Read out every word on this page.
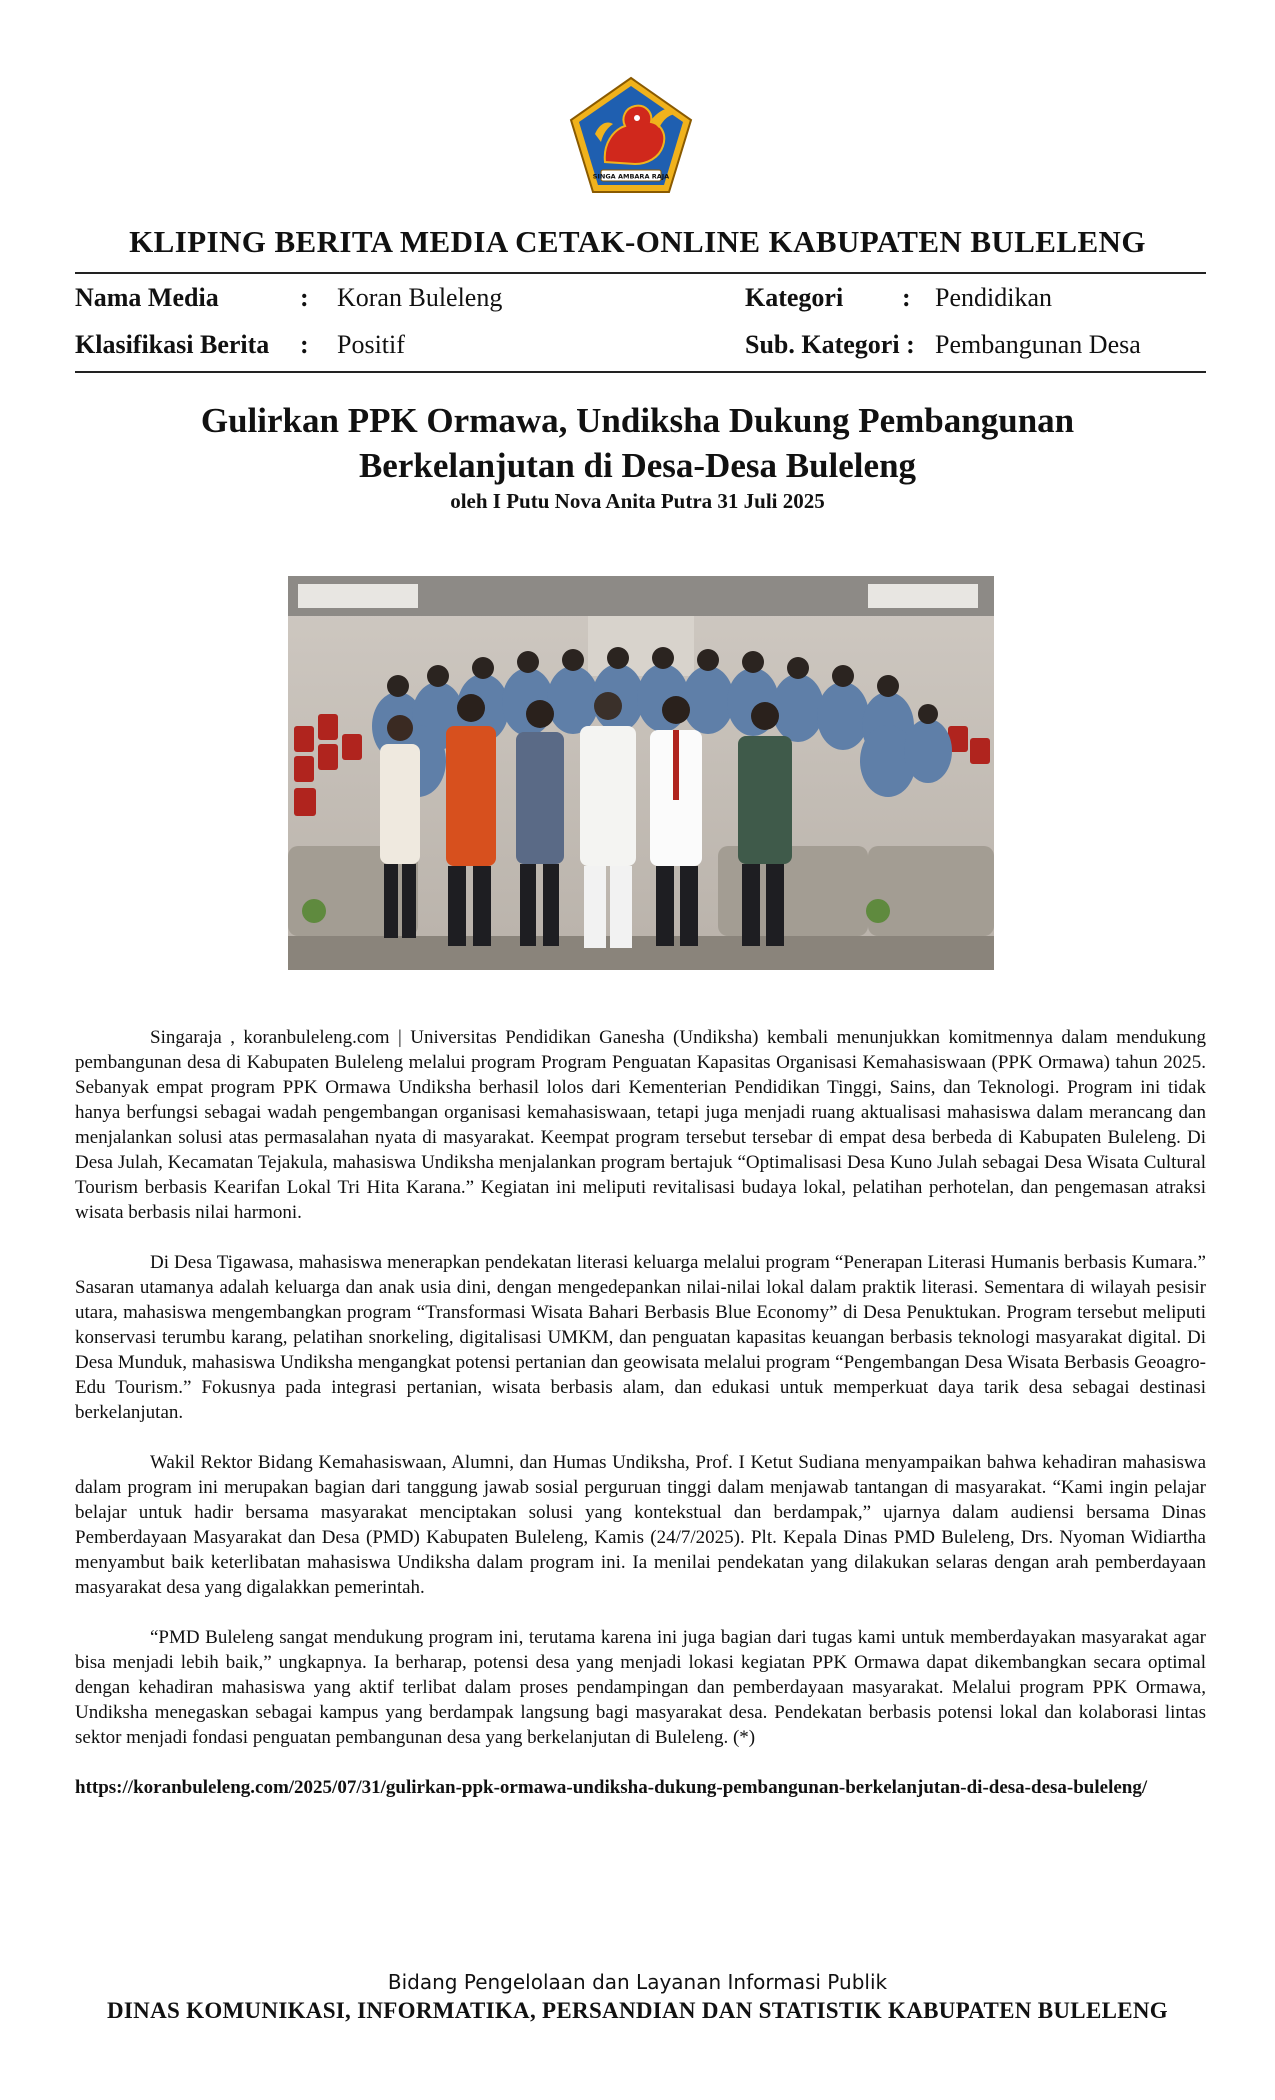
SINGA AMBARA RAJA
KLIPING BERITA MEDIA CETAK-ONLINE KABUPATEN BULELENG
Nama Media	: Koran Buleleng
Klasifikasi Berita : Positif
Kategori : Pendidikan
Sub. Kategori : Pembangunan Desa
Gulirkan PPK Ormawa, Undiksha Dukung Pembangunan
Berkelanjutan di Desa-Desa Buleleng
oleh I Putu Nova Anita Putra 31 Juli 2025

Singaraja , koranbuleleng.com | Universitas Pendidikan Ganesha (Undiksha) kembali menunjukkan komitmennya dalam mendukung pembangunan desa di Kabupaten Buleleng melalui program Program Penguatan Kapasitas Organisasi Kemahasiswaan (PPK Ormawa) tahun 2025. Sebanyak empat program PPK Ormawa Undiksha berhasil lolos dari Kementerian Pendidikan Tinggi, Sains, dan Teknologi. Program ini tidak hanya berfungsi sebagai wadah pengembangan organisasi kemahasiswaan, tetapi juga menjadi ruang aktualisasi mahasiswa dalam merancang dan menjalankan solusi atas permasalahan nyata di masyarakat. Keempat program tersebut tersebar di empat desa berbeda di Kabupaten Buleleng. Di Desa Julah, Kecamatan Tejakula, mahasiswa Undiksha menjalankan program bertajuk “Optimalisasi Desa Kuno Julah sebagai Desa Wisata Cultural Tourism berbasis Kearifan Lokal Tri Hita Karana.” Kegiatan ini meliputi revitalisasi budaya lokal, pelatihan perhotelan, dan pengemasan atraksi wisata berbasis nilai harmoni.

Di Desa Tigawasa, mahasiswa menerapkan pendekatan literasi keluarga melalui program “Penerapan Literasi Humanis berbasis Kumara.” Sasaran utamanya adalah keluarga dan anak usia dini, dengan mengedepankan nilai-nilai lokal dalam praktik literasi. Sementara di wilayah pesisir utara, mahasiswa mengembangkan program “Transformasi Wisata Bahari Berbasis Blue Economy” di Desa Penuktukan. Program tersebut meliputi konservasi terumbu karang, pelatihan snorkeling, digitalisasi UMKM, dan penguatan kapasitas keuangan berbasis teknologi masyarakat digital. Di Desa Munduk, mahasiswa Undiksha mengangkat potensi pertanian dan geowisata melalui program “Pengembangan Desa Wisata Berbasis Geoagro-Edu Tourism.” Fokusnya pada integrasi pertanian, wisata berbasis alam, dan edukasi untuk memperkuat daya tarik desa sebagai destinasi berkelanjutan.

Wakil Rektor Bidang Kemahasiswaan, Alumni, dan Humas Undiksha, Prof. I Ketut Sudiana menyampaikan bahwa kehadiran mahasiswa dalam program ini merupakan bagian dari tanggung jawab sosial perguruan tinggi dalam menjawab tantangan di masyarakat. “Kami ingin pelajar belajar untuk hadir bersama masyarakat menciptakan solusi yang kontekstual dan berdampak,” ujarnya dalam audiensi bersama Dinas Pemberdayaan Masyarakat dan Desa (PMD) Kabupaten Buleleng, Kamis (24/7/2025). Plt. Kepala Dinas PMD Buleleng, Drs. Nyoman Widiartha menyambut baik keterlibatan mahasiswa Undiksha dalam program ini. Ia menilai pendekatan yang dilakukan selaras dengan arah pemberdayaan masyarakat desa yang digalakkan pemerintah.

“PMD Buleleng sangat mendukung program ini, terutama karena ini juga bagian dari tugas kami untuk memberdayakan masyarakat agar bisa menjadi lebih baik,” ungkapnya. Ia berharap, potensi desa yang menjadi lokasi kegiatan PPK Ormawa dapat dikembangkan secara optimal dengan kehadiran mahasiswa yang aktif terlibat dalam proses pendampingan dan pemberdayaan masyarakat. Melalui program PPK Ormawa, Undiksha menegaskan sebagai kampus yang berdampak langsung bagi masyarakat desa. Pendekatan berbasis potensi lokal dan kolaborasi lintas sektor menjadi fondasi penguatan pembangunan desa yang berkelanjutan di Buleleng. (*)

https://koranbuleleng.com/2025/07/31/gulirkan-ppk-ormawa-undiksha-dukung-pembangunan-berkelanjutan-di-desa-desa-buleleng/

Bidang Pengelolaan dan Layanan Informasi Publik
DINAS KOMUNIKASI, INFORMATIKA, PERSANDIAN DAN STATISTIK KABUPATEN BULELENG
